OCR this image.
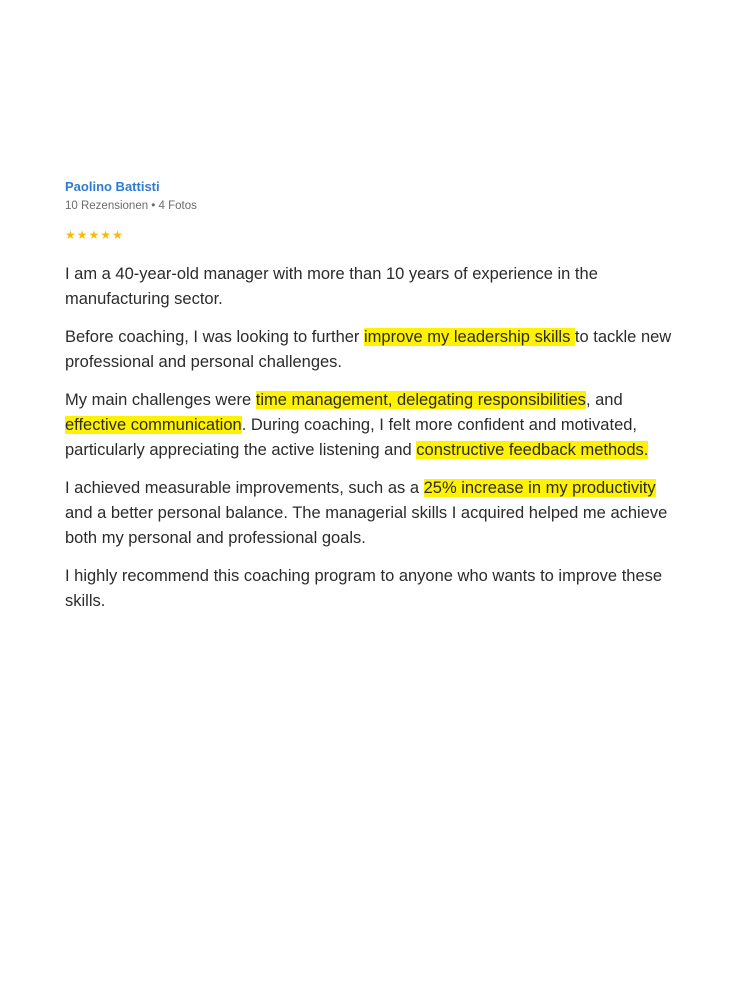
Paolino Battisti
10 Rezensionen • 4 Fotos
★ ★ ★ ★ ★

I am a 40-year-old manager with more than 10 years of experience in the manufacturing sector.

Before coaching, I was looking to further improve my leadership skills to tackle new professional and personal challenges.

My main challenges were time management, delegating responsibilities, and effective communication. During coaching, I felt more confident and motivated, particularly appreciating the active listening and constructive feedback methods.

I achieved measurable improvements, such as a 25% increase in my productivity and a better personal balance. The managerial skills I acquired helped me achieve both my personal and professional goals.

I highly recommend this coaching program to anyone who wants to improve these skills.
